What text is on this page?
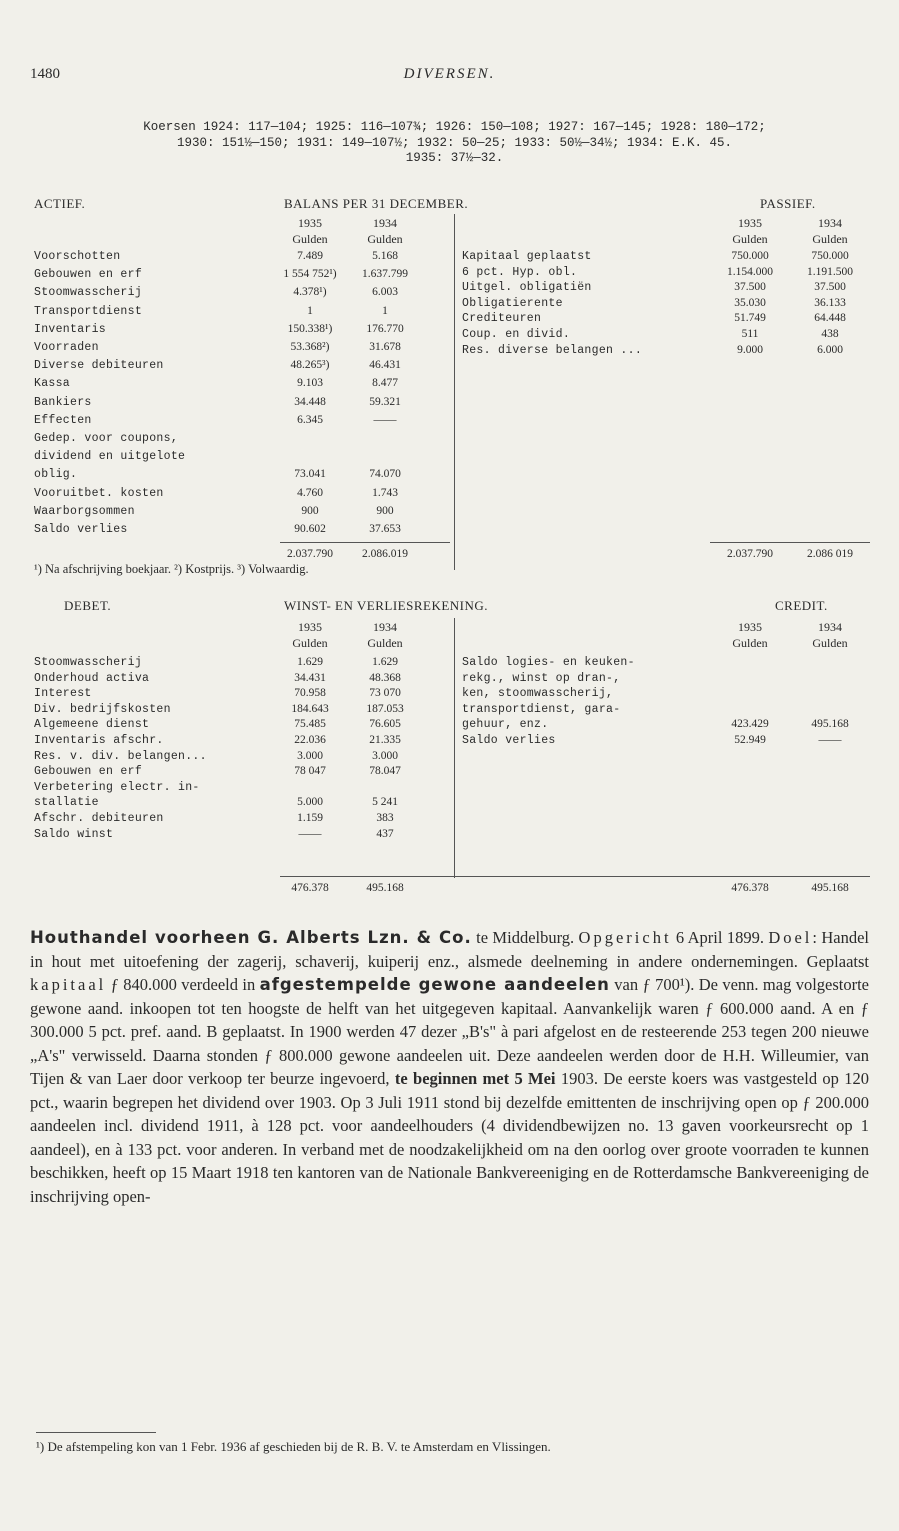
1480	DIVERSEN.
Koersen 1924: 117—104; 1925: 116—107¾; 1926: 150—108; 1927: 167—145; 1928: 180—172;
1930: 151½—150; 1931: 149—107½; 1932: 50—25; 1933: 50½—34½; 1934: E.K. 45.
1935: 37½—32.
ACTIEF.	BALANS PER 31 DECEMBER.	PASSIEF.
1935	1934
Gulden	Gulden
1935	1934
Gulden	Gulden
Voorschotten	7.489	5.168
Gebouwen en erf	1 554 752¹)	1.637.799
Stoomwasscherij	4.378¹)	6.003
Transportdienst	1	1
Inventaris	150.338¹)	176.770
Voorraden	53.368²)	31.678
Diverse debiteuren	48.265³)	46.431
Kassa	9.103	8.477
Bankiers	34.448	59.321
Effecten	6.345	——
Gedep. voor coupons,
dividend en uitgelote
oblig.	73.041	74.070
Vooruitbet. kosten	4.760	1.743
Waarborgsommen	900	900
Saldo verlies	90.602	37.653
Kapitaal geplaatst	750.000	750.000
6 pct. Hyp. obl.	1.154.000	1.191.500
Uitgel. obligatiën	37.500	37.500
Obligatierente	35.030	36.133
Crediteuren	51.749	64.448
Coup. en divid.	511	438
Res. diverse belangen ...	9.000	6.000
2.037.790	2.086.019	2.037.790	2.086 019
¹) Na afschrijving boekjaar. ²) Kostprijs. ³) Volwaardig.
DEBET.	WINST- EN VERLIESREKENING.	CREDIT.
1935	1934
Gulden	Gulden
1935	1934
Gulden	Gulden
Stoomwasscherij	1.629	1.629
Onderhoud activa	34.431	48.368
Interest	70.958	73 070
Div. bedrijfskosten	184.643	187.053
Algemeene dienst	75.485	76.605
Inventaris afschr.	22.036	21.335
Res. v. div. belangen...	3.000	3.000
Gebouwen en erf	78 047	78.047
Verbetering electr. in-
stallatie	5.000	5 241
Afschr. debiteuren	1.159	383
Saldo winst	——	437
Saldo logies- en keuken-
rekg., winst op dran-,
ken, stoomwasscherij,
transportdienst, gara-
gehuur, enz.	423.429	495.168
Saldo verlies	52.949	——
476.378	495.168	476.378	495.168
Houthandel voorheen G. Alberts Lzn. & Co. te Middelburg. Opgericht 6 April 1899. Doel: Handel in hout met uitoefening der zagerij, schaverij, kuiperij enz., alsmede deelneming in andere ondernemingen. Geplaatst kapitaal ƒ 840.000 verdeeld in afgestempelde gewone aandeelen van ƒ 700¹). De venn. mag volgestorte gewone aand. inkoopen tot ten hoogste de helft van het uitgegeven kapitaal. Aanvankelijk waren ƒ 600.000 aand. A en ƒ 300.000 5 pct. pref. aand. B geplaatst. In 1900 werden 47 dezer „B's" à pari afgelost en de resteerende 253 tegen 200 nieuwe „A's" verwisseld. Daarna stonden ƒ 800.000 gewone aandeelen uit. Deze aandeelen werden door de H.H. Willeumier, van Tijen & van Laer door verkoop ter beurze ingevoerd, te beginnen met 5 Mei 1903. De eerste koers was vastgesteld op 120 pct., waarin begrepen het dividend over 1903. Op 3 Juli 1911 stond bij dezelfde emittenten de inschrijving open op ƒ 200.000 aandeelen incl. dividend 1911, à 128 pct. voor aandeelhouders (4 dividendbewijzen no. 13 gaven voorkeursrecht op 1 aandeel), en à 133 pct. voor anderen. In verband met de noodzakelijkheid om na den oorlog over groote voorraden te kunnen beschikken, heeft op 15 Maart 1918 ten kantoren van de Nationale Bankvereeniging en de Rotterdamsche Bankvereeniging de inschrijving open-
¹) De afstempeling kon van 1 Febr. 1936 af geschieden bij de R. B. V. te Amsterdam en Vlissingen.
